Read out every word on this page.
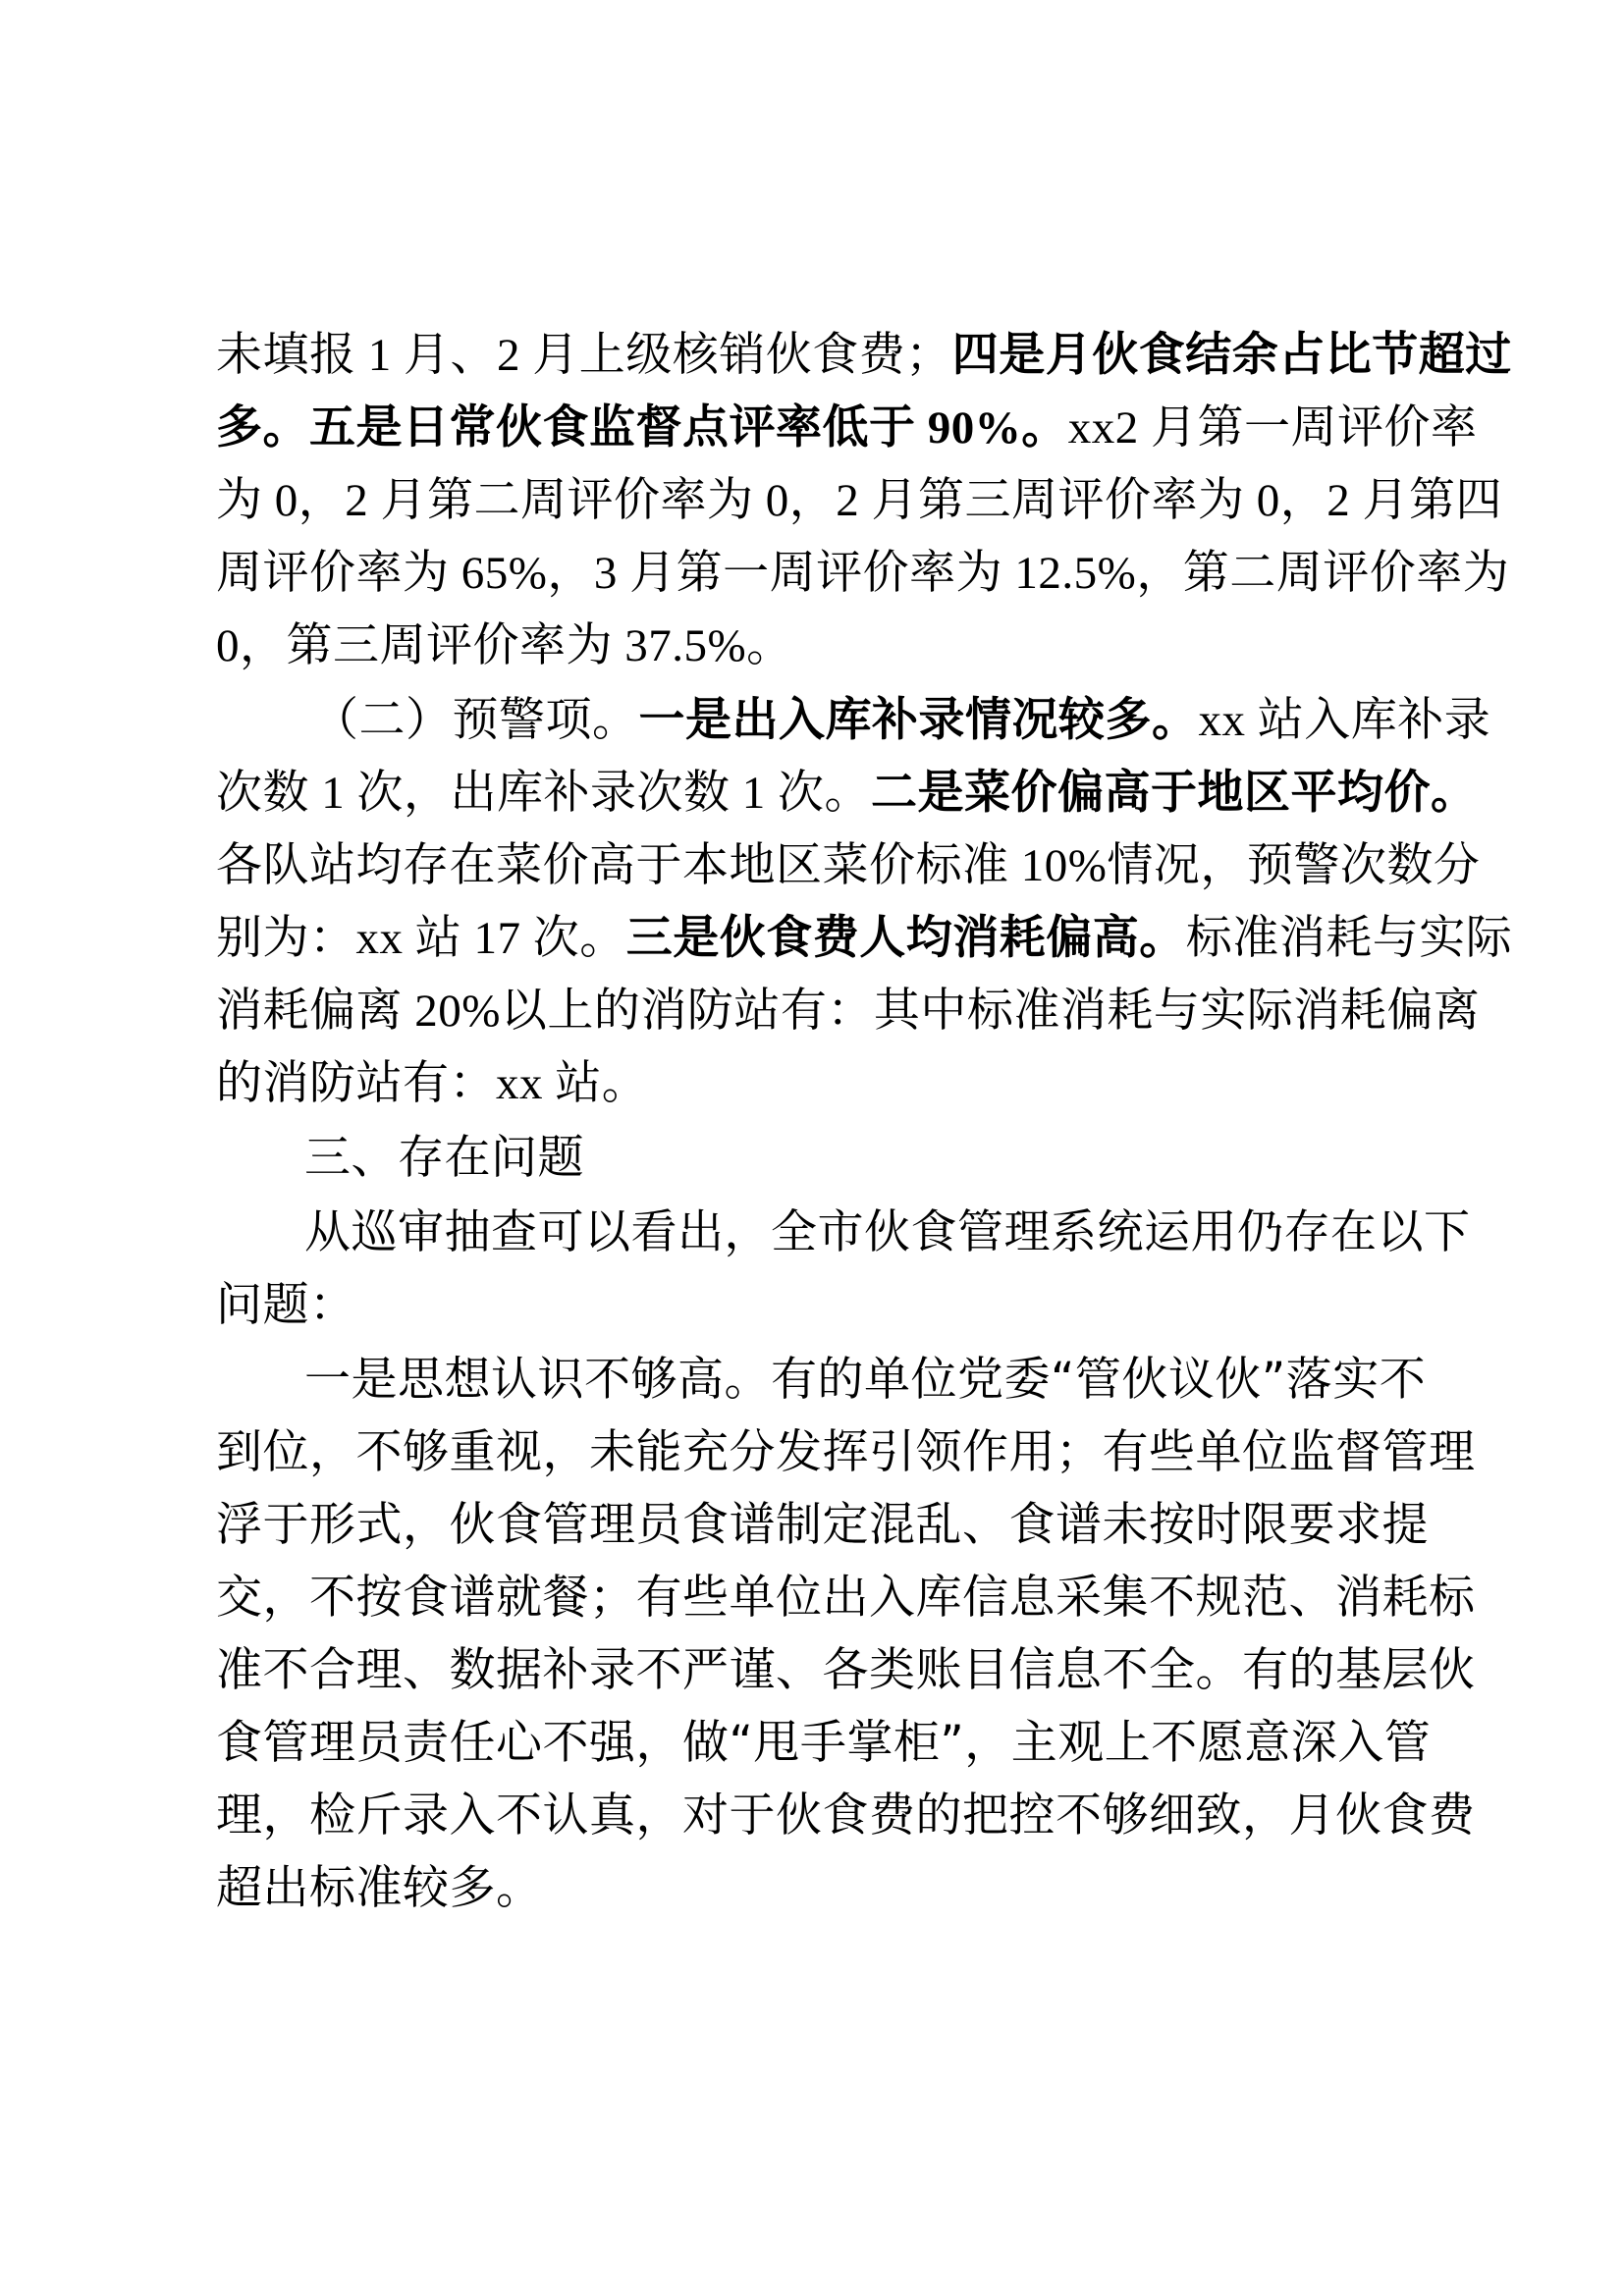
未填报 1 月、2 月上级核销伙食费；四是月伙食结余占比节超过
多。五是日常伙食监督点评率低于 90%。xx2 月第一周评价率
为 0，2 月第二周评价率为 0，2 月第三周评价率为 0，2 月第四
周评价率为 65%，3 月第一周评价率为 12.5%，第二周评价率为
0，第三周评价率为 37.5%。
（二）预警项。一是出入库补录情况较多。xx 站入库补录
次数 1 次，出库补录次数 1 次。二是菜价偏高于地区平均价。
各队站均存在菜价高于本地区菜价标准 10%情况，预警次数分
别为：xx 站 17 次。三是伙食费人均消耗偏高。标准消耗与实际
消耗偏离 20%以上的消防站有：其中标准消耗与实际消耗偏离
的消防站有：xx 站。
三、存在问题
从巡审抽查可以看出，全市伙食管理系统运用仍存在以下
问题：
一是思想认识不够高。有的单位党委“管伙议伙”落实不
到位，不够重视，未能充分发挥引领作用；有些单位监督管理
浮于形式，伙食管理员食谱制定混乱、食谱未按时限要求提
交，不按食谱就餐；有些单位出入库信息采集不规范、消耗标
准不合理、数据补录不严谨、各类账目信息不全。有的基层伙
食管理员责任心不强，做“甩手掌柜”，主观上不愿意深入管
理，检斤录入不认真，对于伙食费的把控不够细致，月伙食费
超出标准较多。
